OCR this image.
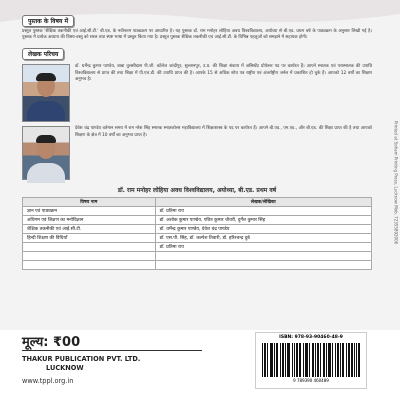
पुस्तक के विषय में

प्रस्तुत पुस्तक 'शैक्षिक तकनीकी एवं आई.सी.टी.' बी.एड. के नवीनतम पाठ्यक्रम पर आधारित है। यह पुस्तक डॉ. राम मनोहर लोहिया अवध विश्वविद्यालय, अयोध्या से बी.एड. प्रथम वर्ष के पाठ्यक्रम के अनुसार लिखी गई है। पुस्तक में प्रत्येक अध्याय की विषय-वस्तु को सरल तथा स्पष्ट भाषा में प्रस्तुत किया गया है। प्रस्तुत पुस्तक शैक्षिक तकनीकी एवं आई.सी.टी. के विभिन्न पहलुओं को समझने में सहायक होगी।

लेखक परिचय

डॉ. धर्मेन्द्र कुमार पाण्डेय, बाबा तुलसीदास पी.जी. कॉलेज कांदीपुर, सुल्तानपुर, उ.प्र. की शिक्षा संकाय में असिस्टेंट प्रोफेसर पद पर कार्यरत हैं। आपने स्नातक एवं परास्नातक की उपाधि विश्वविद्यालय से प्राप्त की तथा शिक्षा में पी.एच.डी. की उपाधि प्राप्त की है। आपके 15 से अधिक शोध पत्र राष्ट्रीय एवं अंतर्राष्ट्रीय जर्नल में प्रकाशित हो चुके हैं। आपको 12 वर्षों का शिक्षण अनुभव है।

देवेश चंद्र पाण्डेय वर्तमान समय में राम नरेश सिंह स्मारक स्नातकोत्तर महाविद्यालय में शिक्षाशास्त्र के पद पर कार्यरत हैं। आपने बी.एड., एम.एड., और बी.एड. की शिक्षा प्राप्त की है तथा आपको शिक्षण के क्षेत्र में 10 वर्षों का अनुभव प्राप्त है।

डॉ. राम मनोहर लोहिया अवध विश्वविद्यालय, अयोध्या, बी.एड. प्रथम वर्ष
विषय नाम	लेखक/लेखिका
ज्ञान एवं पाठ्यक्रम	डॉ. प्रतिमा राय
अधिगम एवं शिक्षण का मनोविज्ञान	डॉ. अशोक कुमार पाण्डेय, पवित्र कुमार चौधरी, दुर्गेश कुमार सिंह
शैक्षिक तकनीकी एवं आई.सी.टी.	डॉ. धर्मेन्द्र कुमार पाण्डेय, देवेश चंद्र पाण्डेय
हिन्दी शिक्षण की विधियाँ	डॉ. एस.पी. सिंह, डॉ. कल्पेश तिवारी, डॉ. हरिश्चन्द्र दुबे
	डॉ. प्रतिमा राय

Printed at Soham Printing Press, Lucknow Mob. 72355892006
मूल्य: ₹00
THAKUR PUBLICATION PVT. LTD.
LUCKNOW
www.tppl.org.in
ISBN: 978-93-90460-48-9
9 789390 460489
